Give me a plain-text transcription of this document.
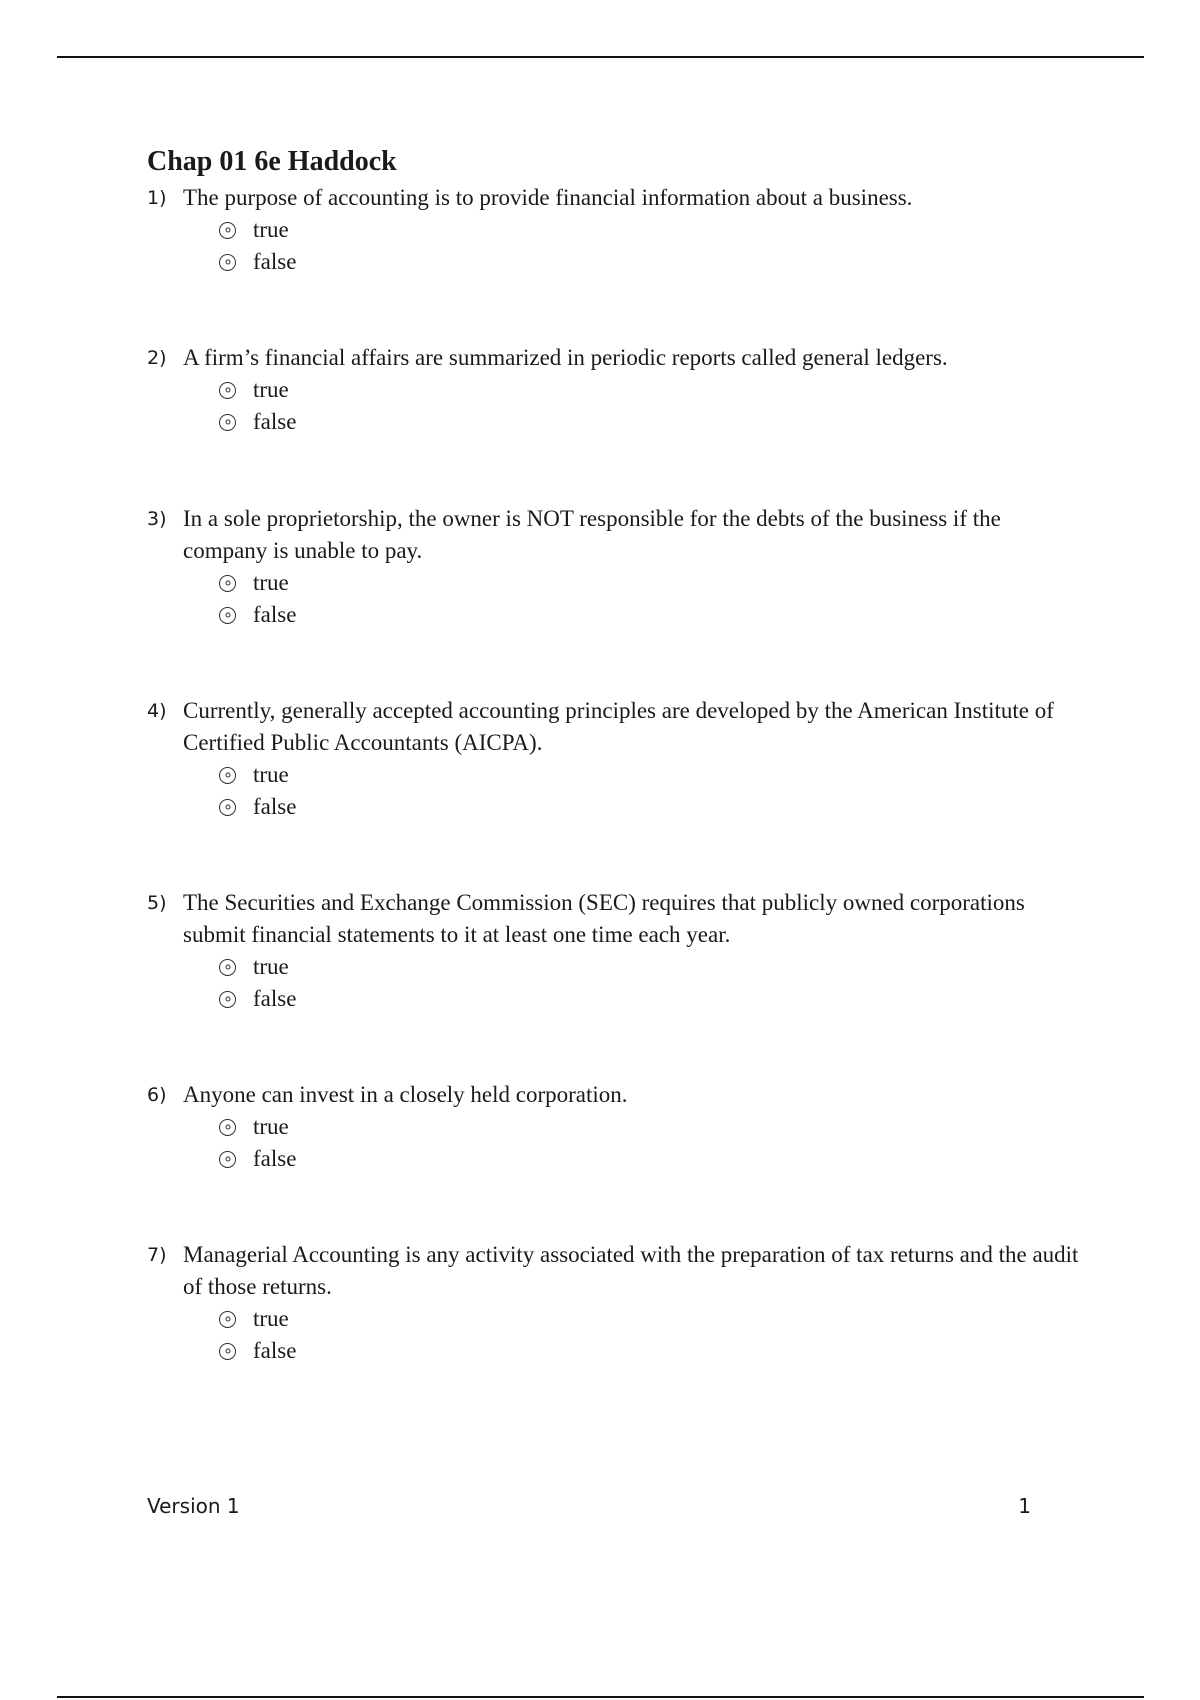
Chap 01 6e Haddock
1) The purpose of accounting is to provide financial information about a business.
true
false
2) A firm’s financial affairs are summarized in periodic reports called general ledgers.
true
false
3) In a sole proprietorship, the owner is NOT responsible for the debts of the business if the company is unable to pay.
true
false
4) Currently, generally accepted accounting principles are developed by the American Institute of Certified Public Accountants (AICPA).
true
false
5) The Securities and Exchange Commission (SEC) requires that publicly owned corporations submit financial statements to it at least one time each year.
true
false
6) Anyone can invest in a closely held corporation.
true
false
7) Managerial Accounting is any activity associated with the preparation of tax returns and the audit of those returns.
true
false
Version 1	1
